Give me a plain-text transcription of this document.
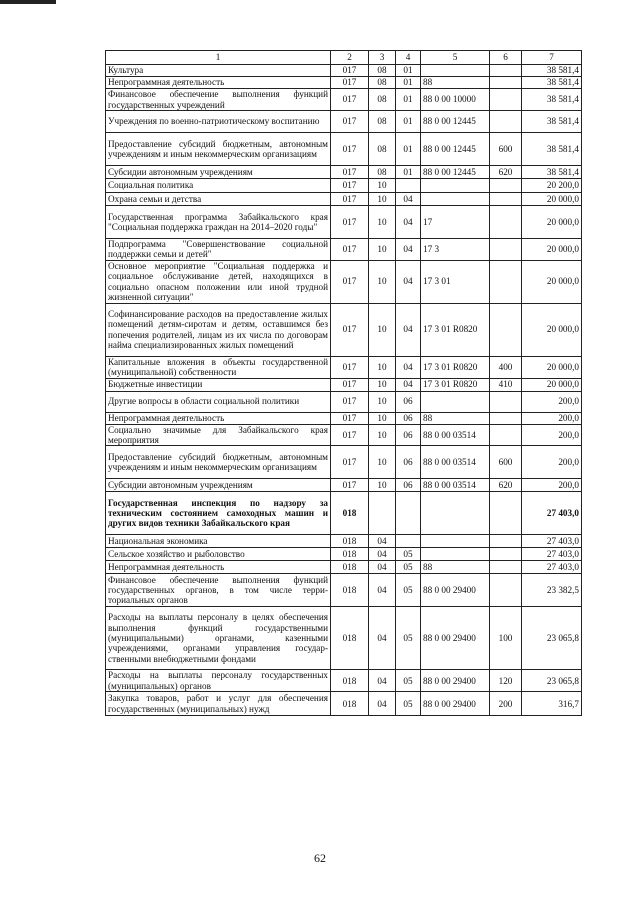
1	2	3	4	5	6	7
Культура	017	08	01			38 581,4
Непрограммная деятельность	017	08	01	88		38 581,4
Финансовое обеспечение выполнения функций государственных учреждений	017	08	01	88 0 00 10000		38 581,4
Учреждения по военно-патриотическому воспитанию	017	08	01	88 0 00 12445		38 581,4
Предоставление субсидий бюджетным, автономным учреждениям и иным некоммерческим организациям	017	08	01	88 0 00 12445	600	38 581,4
Субсидии автономным учреждениям	017	08	01	88 0 00 12445	620	38 581,4
Социальная политика	017	10				20 200,0
Охрана семьи и детства	017	10	04			20 000,0
Государственная программа Забайкальского края "Социальная поддержка граждан на 2014–2020 годы"	017	10	04	17		20 000,0
Подпрограмма "Совершенствование социальной поддержки семьи и детей"	017	10	04	17 3		20 000,0
Основное мероприятие "Социальная поддержка и социальное обслуживание детей, находящихся в социально опасном положении или иной трудной жизненной ситуации"	017	10	04	17 3 01		20 000,0
Софинансирование расходов на предоставление жилых помещений детям-сиротам и детям, оставшимся без попечения родителей, лицам из их числа по договорам найма специализированных жилых помещений	017	10	04	17 3 01 R0820		20 000,0
Капитальные вложения в объекты государственной (муниципальной) собственности	017	10	04	17 3 01 R0820	400	20 000,0
Бюджетные инвестиции	017	10	04	17 3 01 R0820	410	20 000,0
Другие вопросы в области социальной политики	017	10	06			200,0
Непрограммная деятельность	017	10	06	88		200,0
Социально значимые для Забайкальского края мероприятия	017	10	06	88 0 00 03514		200,0
Предоставление субсидий бюджетным, автономным учреждениям и иным некоммерческим организациям	017	10	06	88 0 00 03514	600	200,0
Субсидии автономным учреждениям	017	10	06	88 0 00 03514	620	200,0
Государственная инспекция по надзору за техническим состоянием самоходных машин и других видов техники Забайкальского края	018					27 403,0
Национальная экономика	018	04				27 403,0
Сельское хозяйство и рыболовство	018	04	05			27 403,0
Непрограммная деятельность	018	04	05	88		27 403,0
Финансовое обеспечение выполнения функций государственных органов, в том числе территориальных органов	018	04	05	88 0 00 29400		23 382,5
Расходы на выплаты персоналу в целях обеспечения выполнения функций государственными (муниципальными) органами, казенными учреждениями, органами управления государственными внебюджетными фондами	018	04	05	88 0 00 29400	100	23 065,8
Расходы на выплаты персоналу государственных (муниципальных) органов	018	04	05	88 0 00 29400	120	23 065,8
Закупка товаров, работ и услуг для обеспечения государственных (муниципальных) нужд	018	04	05	88 0 00 29400	200	316,7
62
